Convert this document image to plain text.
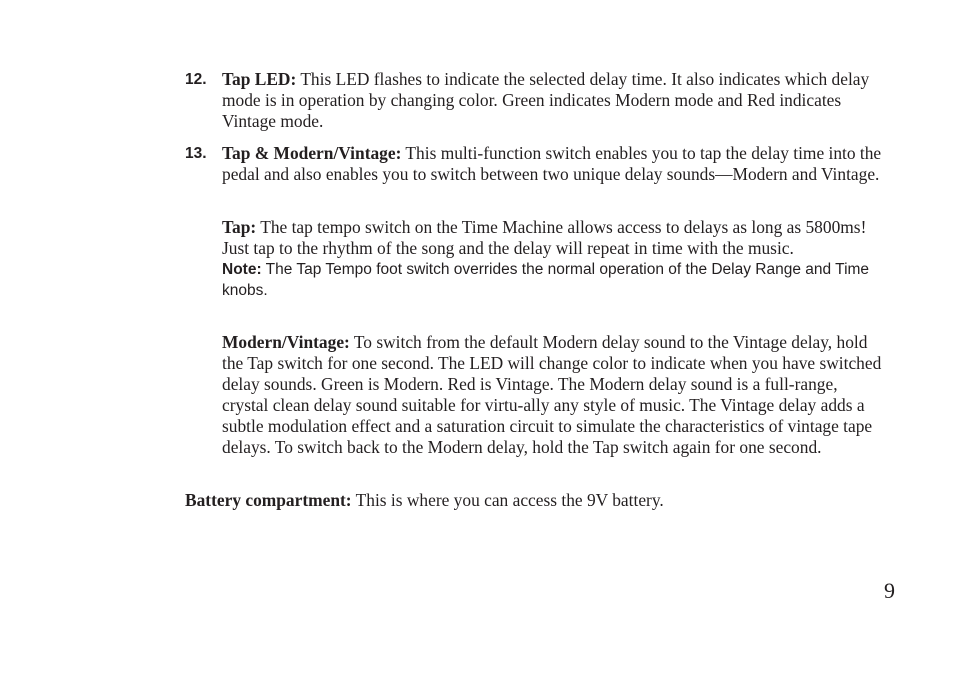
12. Tap LED: This LED flashes to indicate the selected delay time. It also indicates which delay mode is in operation by changing color. Green indicates Modern mode and Red indicates Vintage mode.
13. Tap & Modern/Vintage: This multi-function switch enables you to tap the delay time into the pedal and also enables you to switch between two unique delay sounds—Modern and Vintage.
Tap: The tap tempo switch on the Time Machine allows access to delays as long as 5800ms! Just tap to the rhythm of the song and the delay will repeat in time with the music.
Note: The Tap Tempo foot switch overrides the normal operation of the Delay Range and Time knobs.
Modern/Vintage: To switch from the default Modern delay sound to the Vintage delay, hold the Tap switch for one second. The LED will change color to indicate when you have switched delay sounds. Green is Modern. Red is Vintage. The Modern delay sound is a full-range, crystal clean delay sound suitable for virtu-ally any style of music. The Vintage delay adds a subtle modulation effect and a saturation circuit to simulate the characteristics of vintage tape delays. To switch back to the Modern delay, hold the Tap switch again for one second.
Battery compartment: This is where you can access the 9V battery.
9
